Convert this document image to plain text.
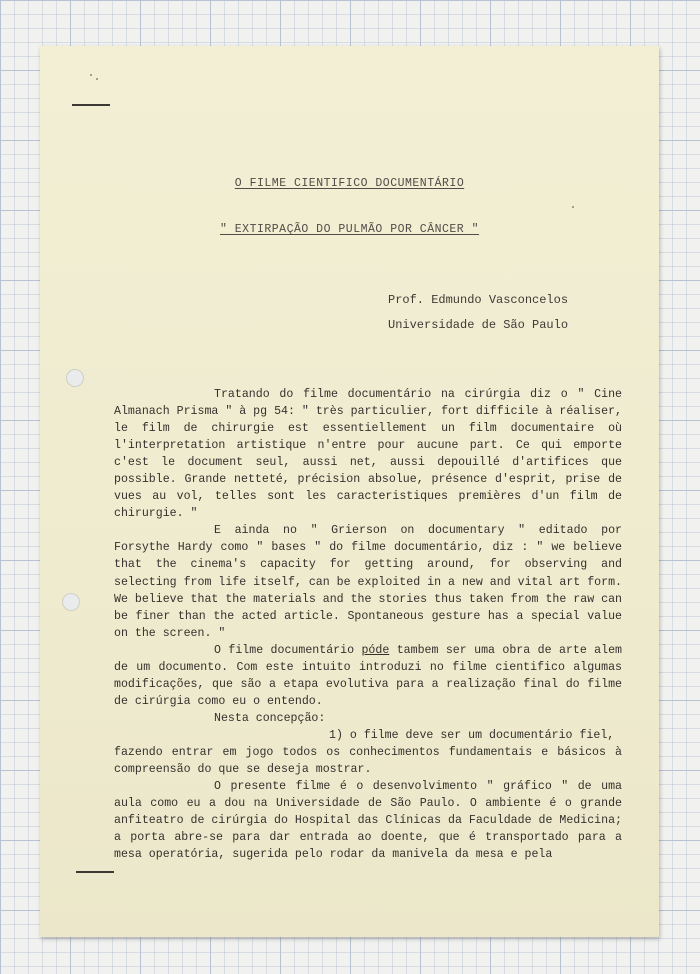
O FILME CIENTIFICO DOCUMENTÁRIO
" EXTIRPAÇÃO DO PULMÃO POR CÂNCER "
Prof. Edmundo Vasconcelos
Universidade de São Paulo

Tratando do filme documentário na cirúrgia diz o " Cine Almanach Prisma " à pg 54: " très particulier, fort difficile à réaliser, le film de chirurgie est essentiellement un film documentaire où l'interpretation artistique n'entre pour aucune part. Ce qui emporte c'est le document seul, aussi net, aussi depouillé d'artifices que possible. Grande netteté, précision absolue, présence d'esprit, prise de vues au vol, telles sont les caracteristiques premières d'un film de chirurgie. "

E ainda no " Grierson on documentary " editado por Forsythe Hardy como " bases " do filme documentário, diz : " we believe that the cinema's capacity for getting around, for observing and selecting from life itself, can be exploited in a new and vital art form. We believe that the materials and the stories thus taken from the raw can be finer than the acted article. Spontaneous gesture has a special value on the screen. "

O filme documentário póde tambem ser uma obra de arte alem de um documento. Com este intuito introduzi no filme cientifico algumas modificações, que são a etapa evolutiva para a realização final do filme de cirúrgia como eu o entendo.

Nesta concepção:

1) o filme deve ser um documentário fiel,
fazendo entrar em jogo todos os conhecimentos fundamentais e básicos à compreensão do que se deseja mostrar.

O presente filme é o desenvolvimento " gráfico " de uma aula como eu a dou na Universidade de São Paulo. O ambiente é o grande anfiteatro de cirúrgia do Hospital das Clínicas da Faculdade de Medicina; a porta abre-se para dar entrada ao doente, que é transportado para a mesa operatória, sugerida pelo rodar da manivela da mesa e pela
